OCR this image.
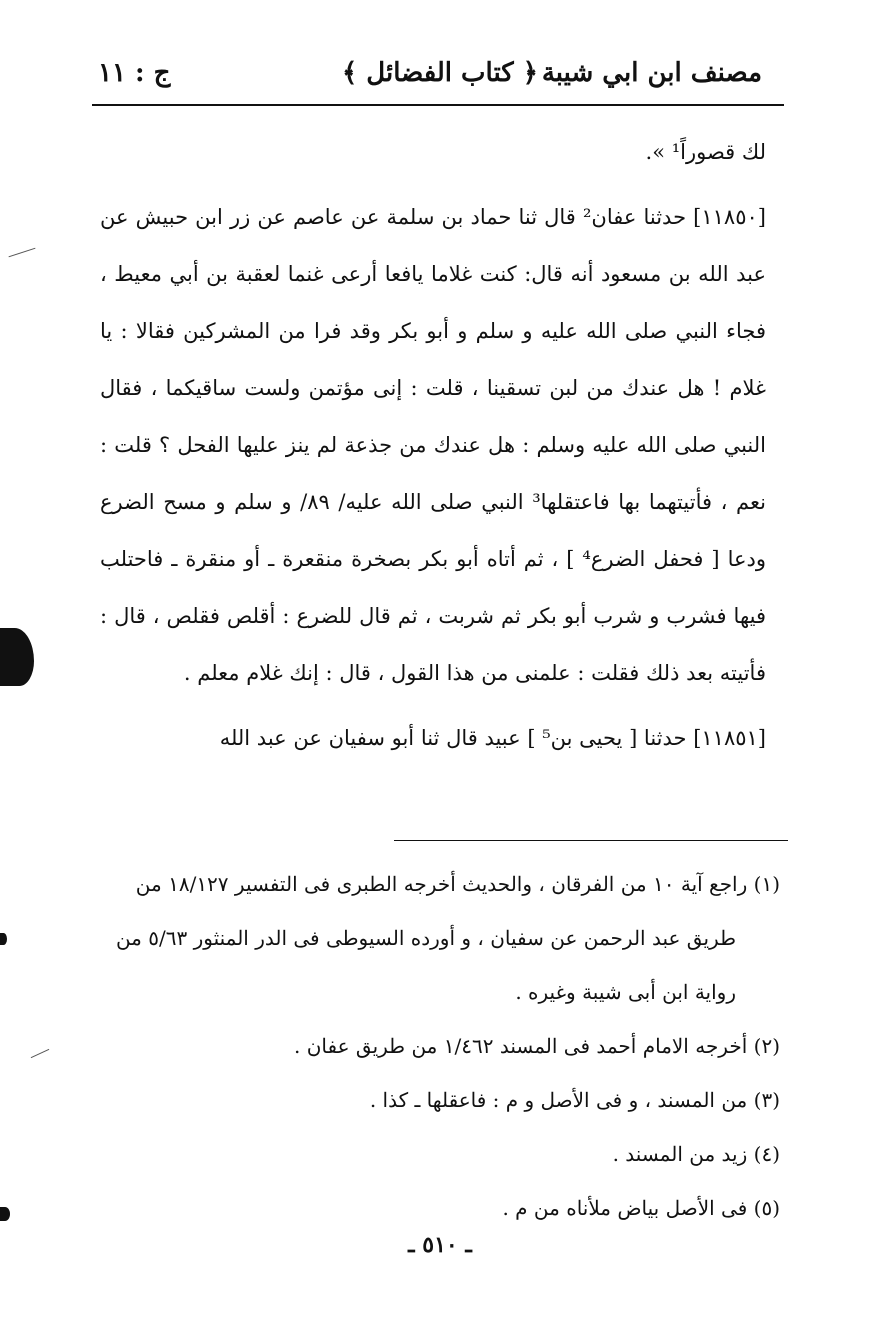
مصنف ابن ابي شيبة
﴿ كتاب الفضائل ﴾
ج : ١١

لك قصوراً¹ ».

[١١٨٥٠] حدثنا عفان² قال ثنا حماد بن سلمة عن عاصم عن زر ابن حبيش عن عبد الله بن مسعود أنه قال: كنت غلاما يافعا أرعى غنما لعقبة بن أبي معيط ، فجاء النبي صلى الله عليه و سلم و أبو بكر وقد فرا من المشركين فقالا : يا غلام ! هل عندك من لبن تسقينا ، قلت : إنى مؤتمن ولست ساقيكما ، فقال النبي صلى الله عليه وسلم : هل عندك من جذعة لم ينز عليها الفحل ؟ قلت : نعم ، فأتيتهما بها فاعتقلها³ النبي صلى الله عليه/ ٨٩/ و سلم و مسح الضرع ودعا [ فحفل الضرع⁴ ] ، ثم أتاه أبو بكر بصخرة منقعرة ـ أو منقرة ـ فاحتلب فيها فشرب و شرب أبو بكر ثم شربت ، ثم قال للضرع : أقلص فقلص ، قال : فأتيته بعد ذلك فقلت : علمنى من هذا القول ، قال : إنك غلام معلم .

[١١٨٥١] حدثنا [ يحيى بن⁵ ] عبيد قال ثنا أبو سفيان عن عبد الله

(١) راجع آية ١٠ من الفرقان ، والحديث أخرجه الطبرى فى التفسير ١٨/١٢٧ من طريق عبد الرحمن عن سفيان ، و أورده السيوطى فى الدر المنثور ٥/٦٣ من رواية ابن أبى شيبة وغيره .

(٢) أخرجه الامام أحمد فى المسند ١/٤٦٢ من طريق عفان .

(٣) من المسند ، و فى الأصل و م : فاعقلها ـ كذا .

(٤) زيد من المسند .

(٥) فى الأصل بياض ملأناه من م .

ـ ٥١٠ ـ
